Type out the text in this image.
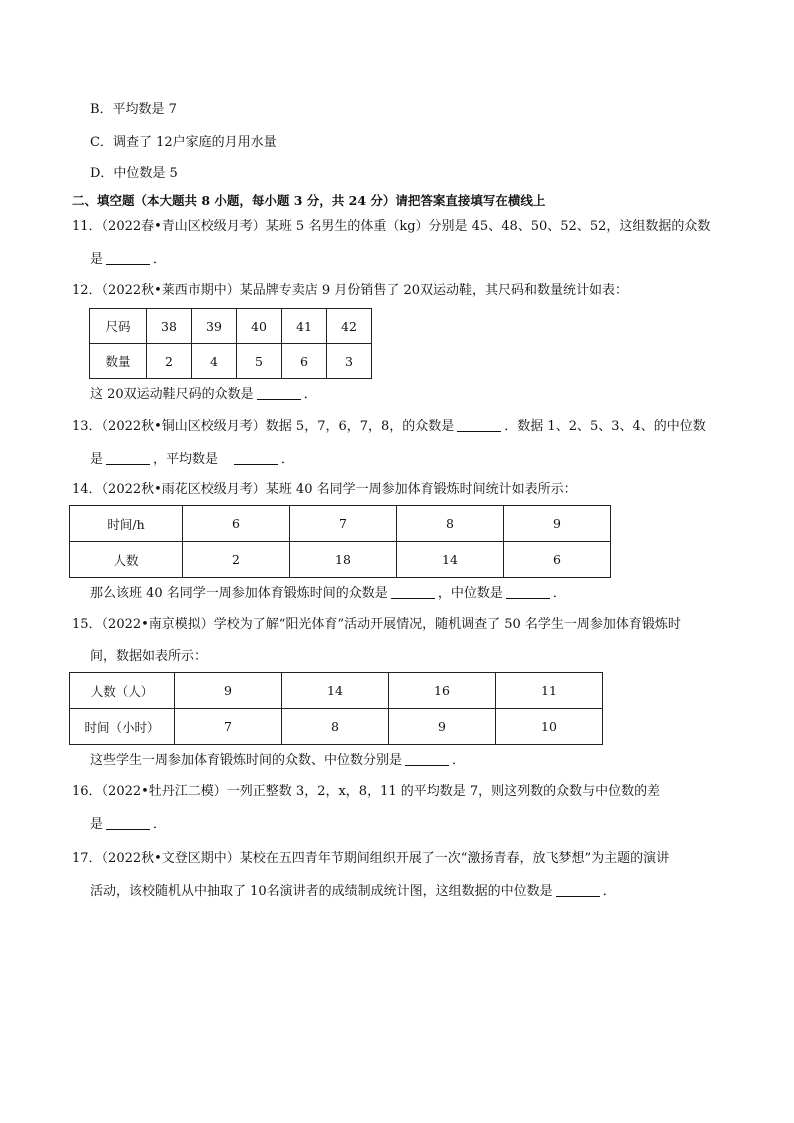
B．平均数是 7
C．调查了 12户家庭的月用水量
D．中位数是 5
二、填空题（本大题共 8 小题，每小题 3 分，共 24 分）请把答案直接填写在横线上
11．（2022春•青山区校级月考）某班 5 名男生的体重（kg）分别是 45、48、50、52、52，这组数据的众数
是	．
12．（2022秋•莱西市期中）某品牌专卖店 9 月份销售了 20双运动鞋，其尺码和数量统计如表：
尺码	38	39	40	41	42
数量	2	4	5	6	3
这 20双运动鞋尺码的众数是	．
13．（2022秋•铜山区校级月考）数据 5，7，6，7，8，的众数是	．数据 1、2、5、3、4、的中位数
是	，平均数是	．
14．（2022秋•雨花区校级月考）某班 40 名同学一周参加体育锻炼时间统计如表所示：
时间/h	6	7	8	9
人数	2	18	14	6
那么该班 40 名同学一周参加体育锻炼时间的众数是	，中位数是	．
15．（2022•南京模拟）学校为了解“阳光体育”活动开展情况，随机调查了 50 名学生一周参加体育锻炼时
间，数据如表所示：
人数（人）	9	14	16	11
时间（小时）	7	8	9	10
这些学生一周参加体育锻炼时间的众数、中位数分别是	．
16．（2022•牡丹江二模）一列正整数 3，2，x，8，11 的平均数是 7，则这列数的众数与中位数的差
是	．
17．（2022秋•文登区期中）某校在五四青年节期间组织开展了一次“激扬青春，放飞梦想”为主题的演讲
活动，该校随机从中抽取了 10名演讲者的成绩制成统计图，这组数据的中位数是	．
